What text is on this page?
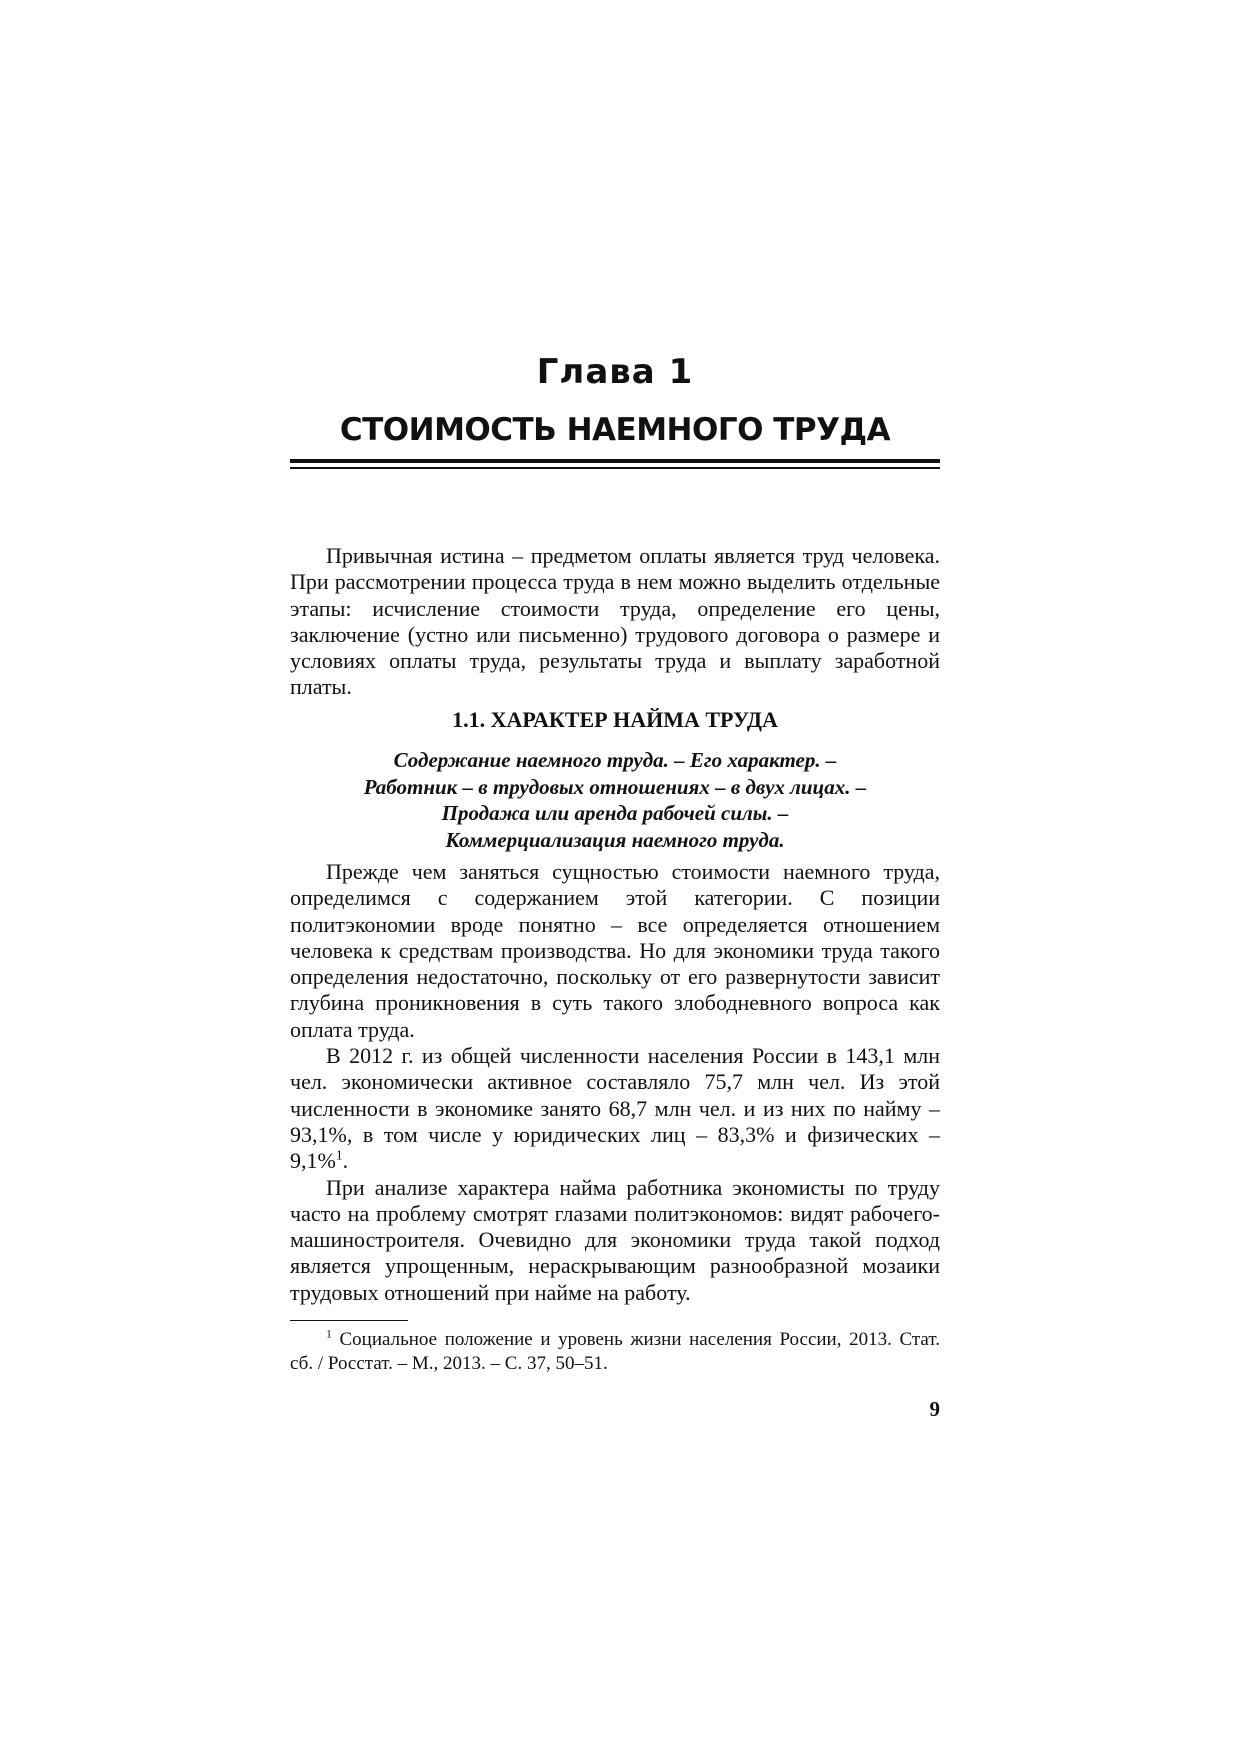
Глава 1
СТОИМОСТЬ НАЕМНОГО ТРУДА

Привычная истина – предметом оплаты является труд человека. При рассмотрении процесса труда в нем можно выделить отдельные этапы: исчисление стоимости труда, определение его цены, заключение (устно или письменно) трудового договора о размере и условиях оплаты труда, результаты труда и выплату заработной платы.

1.1. ХАРАКТЕР НАЙМА ТРУДА
Содержание наемного труда. – Его характер. –
Работник – в трудовых отношениях – в двух лицах. –
Продажа или аренда рабочей силы. –
Коммерциализация наемного труда.

Прежде чем заняться сущностью стоимости наемного труда, определимся с содержанием этой категории. С позиции политэкономии вроде понятно – все определяется отношением человека к средствам производства. Но для экономики труда такого определения недостаточно, поскольку от его развернутости зависит глубина проникновения в суть такого злободневного вопроса как оплата труда.

В 2012 г. из общей численности населения России в 143,1 млн чел. экономически активное составляло 75,7 млн чел. Из этой численности в экономике занято 68,7 млн чел. и из них по найму – 93,1%, в том числе у юридических лиц – 83,3% и физических – 9,1%$^1$.

При анализе характера найма работника экономисты по труду часто на проблему смотрят глазами политэкономов: видят рабочего-машиностроителя. Очевидно для экономики труда такой подход является упрощенным, нераскрывающим разнообразной мозаики трудовых отношений при найме на работу.

$^1$ Социальное положение и уровень жизни населения России, 2013. Стат. сб. / Росстат. – М., 2013. – С. 37, 50–51.

9
